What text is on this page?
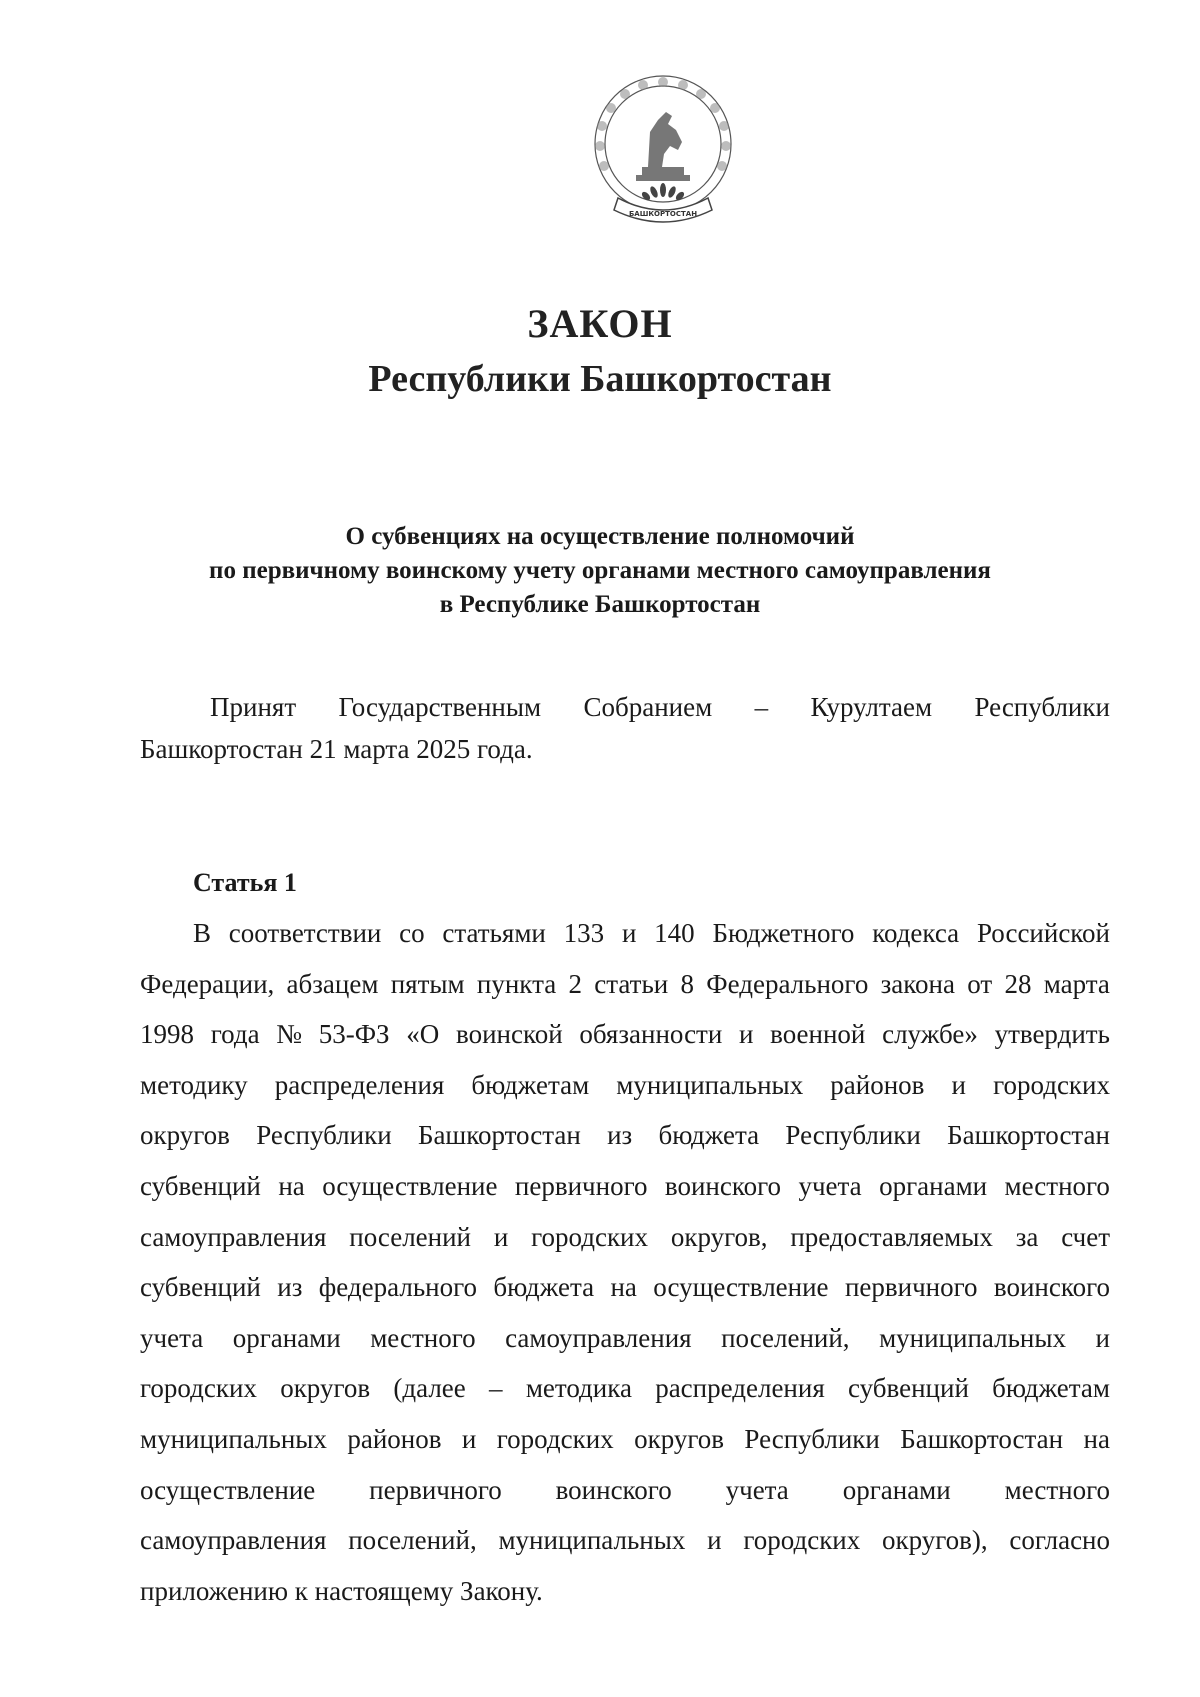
БАШКОРТОСТАН
ЗАКОН
Республики Башкортостан
О субвенциях на осуществление полномочий
по первичному воинскому учету органами местного самоуправления
в Республике Башкортостан
Принят Государственным Собранием – Курултаем Республики
Башкортостан 21 марта 2025 года.
Статья 1
В соответствии со статьями 133 и 140 Бюджетного кодекса Российской
Федерации, абзацем пятым пункта 2 статьи 8 Федерального закона от 28 марта
1998 года № 53-ФЗ «О воинской обязанности и военной службе» утвердить
методику распределения бюджетам муниципальных районов и городских
округов Республики Башкортостан из бюджета Республики Башкортостан
субвенций на осуществление первичного воинского учета органами местного
самоуправления поселений и городских округов, предоставляемых за счет
субвенций из федерального бюджета на осуществление первичного воинского
учета органами местного самоуправления поселений, муниципальных и
городских округов (далее – методика распределения субвенций бюджетам
муниципальных районов и городских округов Республики Башкортостан на
осуществление первичного воинского учета органами местного
самоуправления поселений, муниципальных и городских округов), согласно
приложению к настоящему Закону.
